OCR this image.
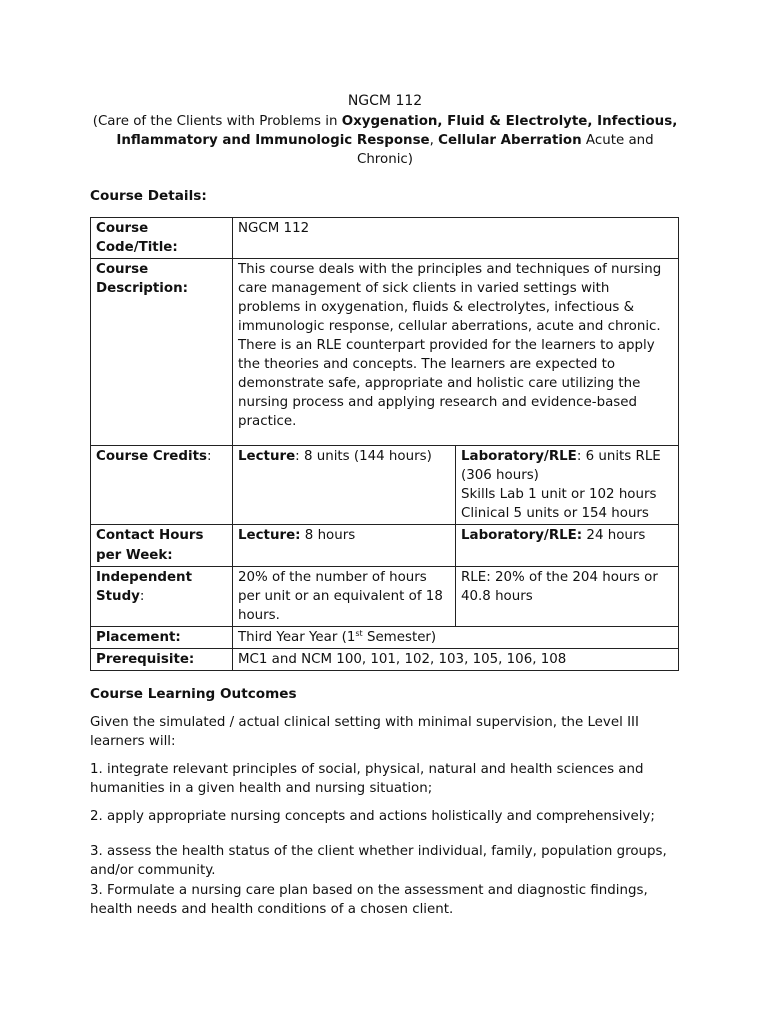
NGCM 112

(Care of the Clients with Problems in Oxygenation, Fluid & Electrolyte, Infectious,

Inflammatory and Immunologic Response, Cellular Aberration Acute and

Chronic)

Course Details:
Course
Code/Title:	NGCM 112	
Course
Description:	This course deals with the principles and techniques of nursing care management of sick clients in varied settings with problems in oxygenation, fluids & electrolytes, infectious & immunologic response, cellular aberrations, acute and chronic. There is an RLE counterpart provided for the learners to apply the theories and concepts. The learners are expected to demonstrate safe, appropriate and holistic care utilizing the nursing process and applying research and evidence-based practice.	
Course Credits:	Lecture: 8 units (144 hours)	Laboratory/RLE: 6 units RLE (306 hours)
Skills Lab 1 unit or 102 hours
Clinical 5 units or 154 hours
Contact Hours per Week:	Lecture: 8 hours	Laboratory/RLE: 24 hours
Independent
Study:	20% of the number of hours per unit or an equivalent of 18 hours.	RLE: 20% of the 204 hours or 40.8 hours
Placement:	Third Year Year (1st Semester)	
Prerequisite:	MC1 and NCM 100, 101, 102, 103, 105, 106, 108	

Course Learning Outcomes

Given the simulated / actual clinical setting with minimal supervision, the Level III learners will:

1. integrate relevant principles of social, physical, natural and health sciences and humanities in a given health and nursing situation;

2. apply appropriate nursing concepts and actions holistically and comprehensively;

3. assess the health status of the client whether individual, family, population groups, and/or community.

3. Formulate a nursing care plan based on the assessment and diagnostic findings, health needs and health conditions of a chosen client.
